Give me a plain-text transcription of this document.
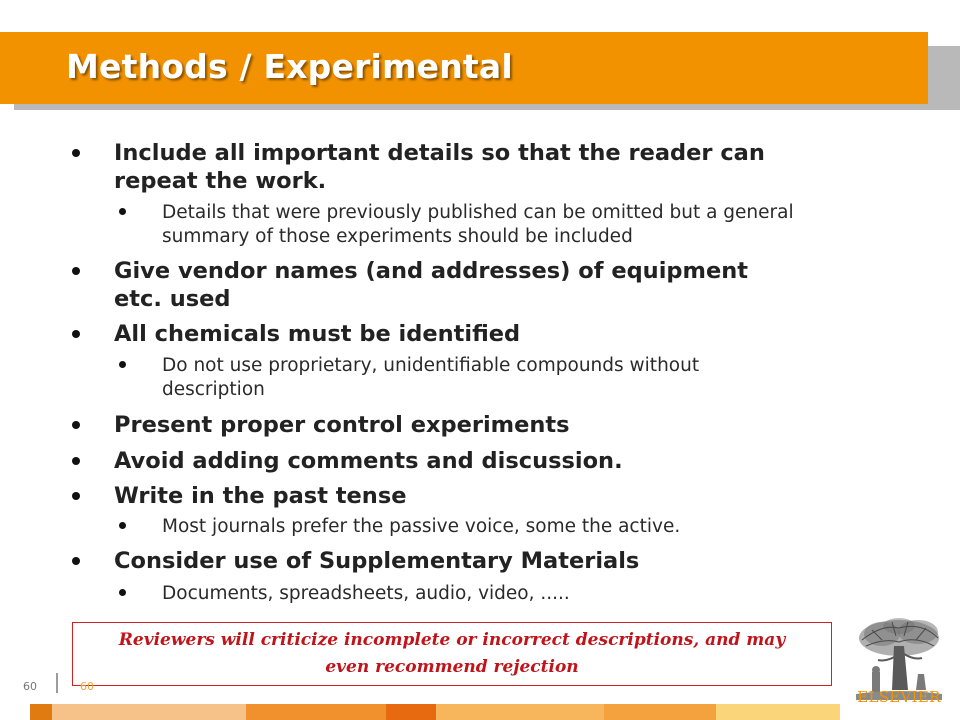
Methods / Experimental

Include all important details so that the reader can repeat the work.

Details that were previously published can be omitted but a general summary of those experiments should be included

Give vendor names (and addresses) of equipment etc. used

All chemicals must be identified

Do not use proprietary, unidentifiable compounds without description

Present proper control experiments

Avoid adding comments and discussion.

Write in the past tense

Most journals prefer the passive voice, some the active.

Consider use of Supplementary Materials

Documents, spreadsheets, audio, video, .....

Reviewers will criticize incomplete or incorrect descriptions, and may even recommend rejection
60	60
ELSEVIER
